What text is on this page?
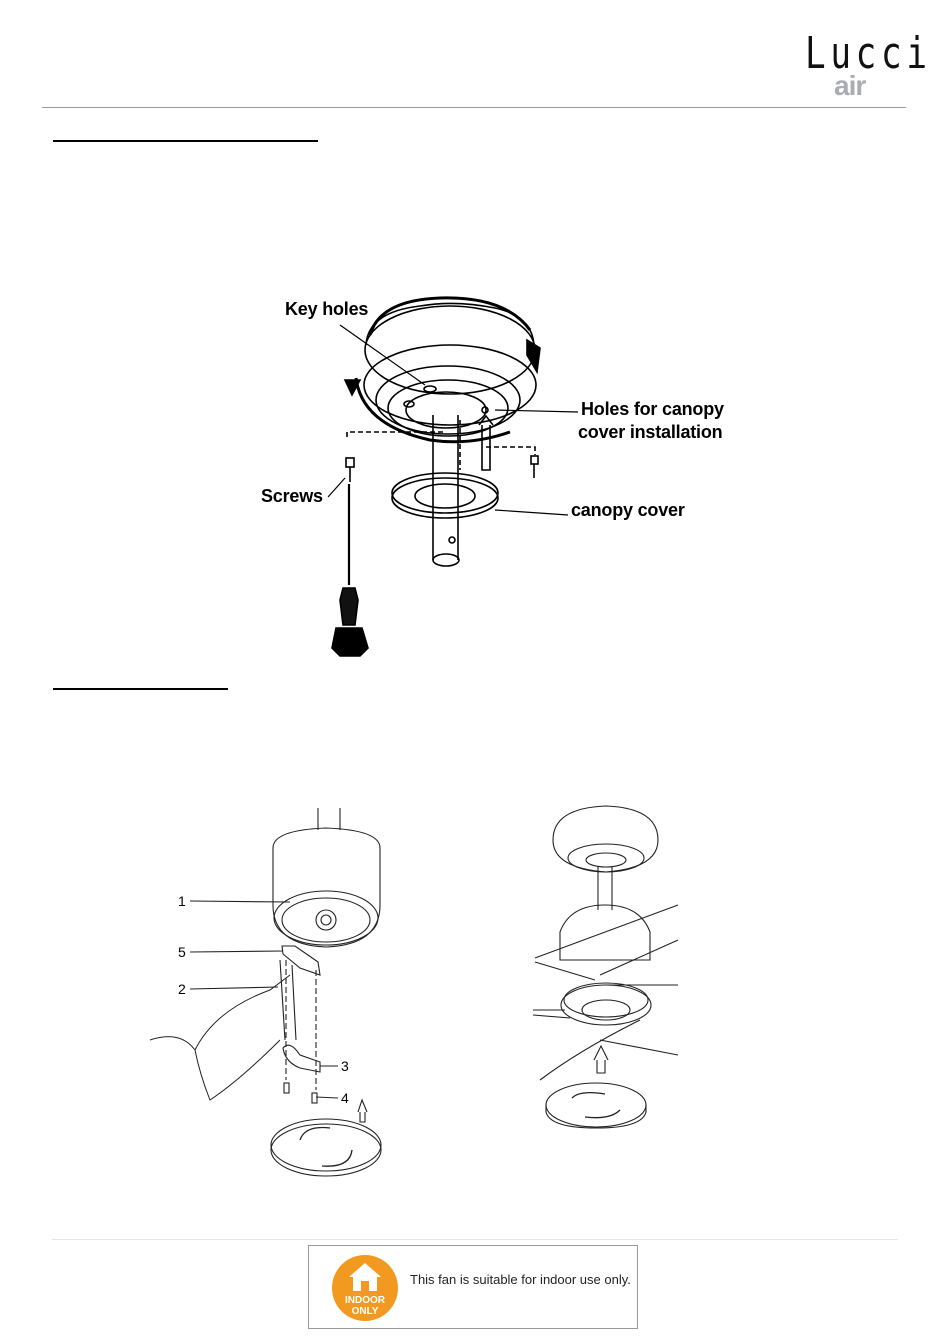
Lucci
air
Key holes
Holes for canopy
cover installation
Screws
canopy cover
1
5
2
3
4
INDOOR
ONLY
This fan is suitable for indoor use only.
